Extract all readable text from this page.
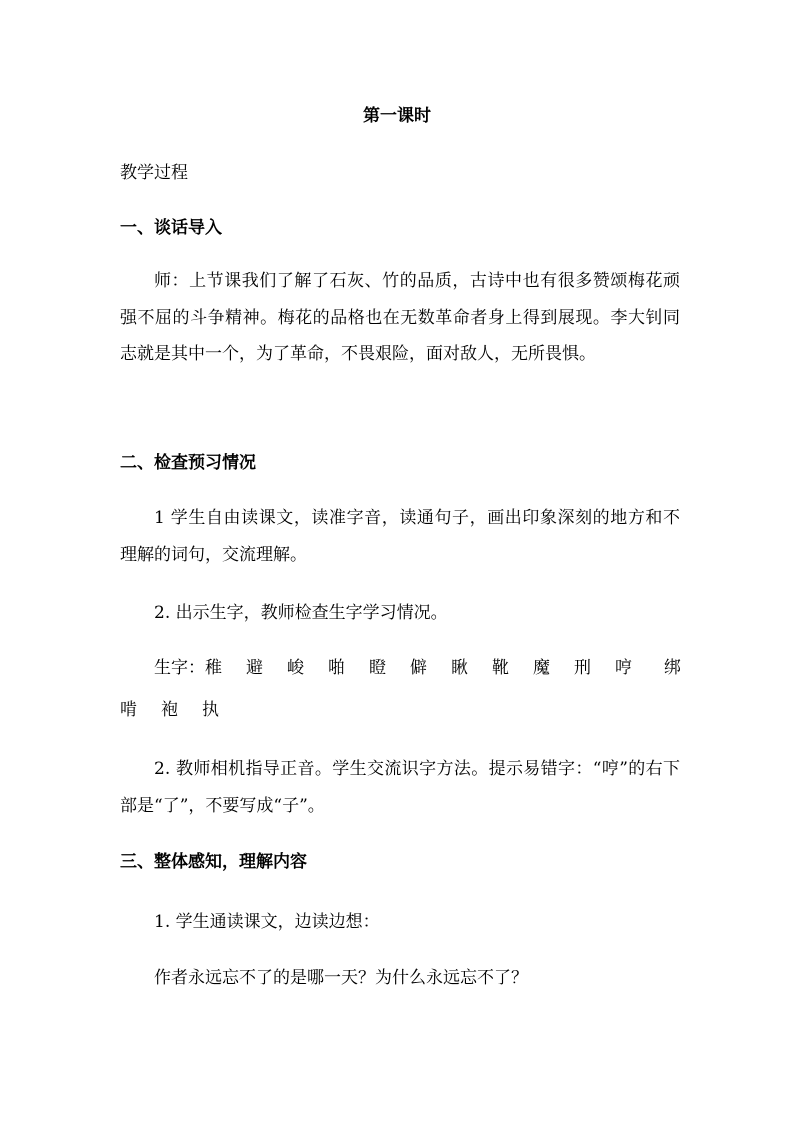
第一课时
教学过程
一、谈话导入
师：上节课我们了解了石灰、竹的品质，古诗中也有很多赞颂梅花顽强不屈的斗争精神。梅花的品格也在无数革命者身上得到展现。李大钊同志就是其中一个，为了革命，不畏艰险，面对敌人，无所畏惧。
二、检查预习情况
1 学生自由读课文，读准字音，读通句子，画出印象深刻的地方和不理解的词句，交流理解。
2. 出示生字，教师检查生字学习情况。
生字：稚 避 峻 啪 瞪 僻 瞅 靴 魔 刑 哼 绑
啃 袍 执
2. 教师相机指导正音。学生交流识字方法。提示易错字：“哼”的右下部是“了”，不要写成“子”。
三、整体感知，理解内容
1. 学生通读课文，边读边想：
作者永远忘不了的是哪一天？为什么永远忘不了？
